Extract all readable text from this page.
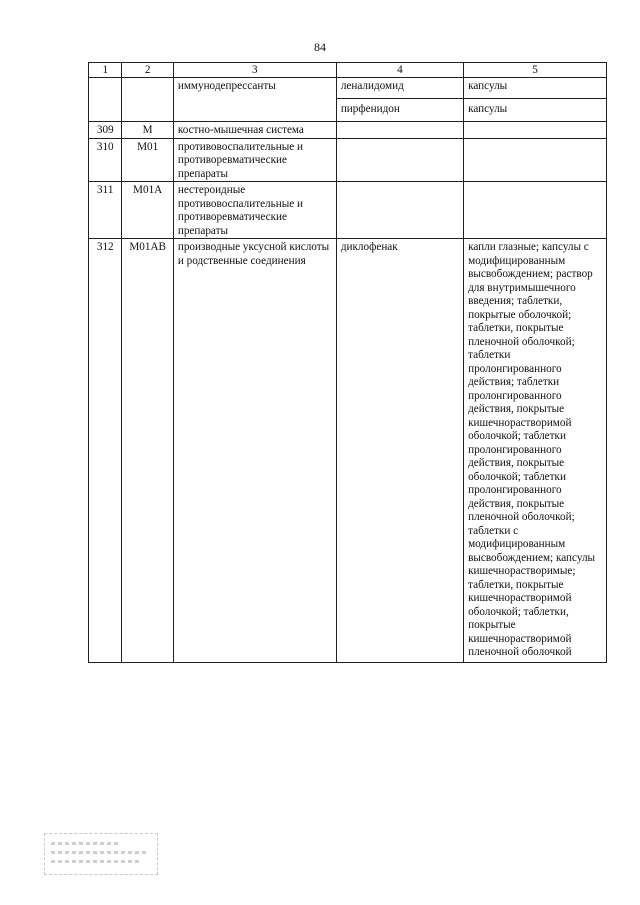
84
1	2	3	4	5
		иммунодепрессанты	леналидомид	капсулы
			пирфенидон	капсулы
309	M	костно-мышечная система		
310	M01	противовоспалительные и противоревматические препараты		
311	M01A	нестероидные противовоспалительные и противоревматические препараты		
312	M01AB	производные уксусной кислоты и родственные соединения	диклофенак	капли глазные; капсулы с модифицированным высвобождением; раствор для внутримышечного введения; таблетки, покрытые оболочкой; таблетки, покрытые пленочной оболочкой; таблетки пролонгированного действия; таблетки пролонгированного действия, покрытые кишечнорастворимой оболочкой; таблетки пролонгированного действия, покрытые оболочкой; таблетки пролонгированного действия, покрытые пленочной оболочкой; таблетки с модифицированным высвобождением; капсулы кишечнорастворимые; таблетки, покрытые кишечнорастворимой оболочкой; таблетки, покрытые кишечнорастворимой пленочной оболочкой
